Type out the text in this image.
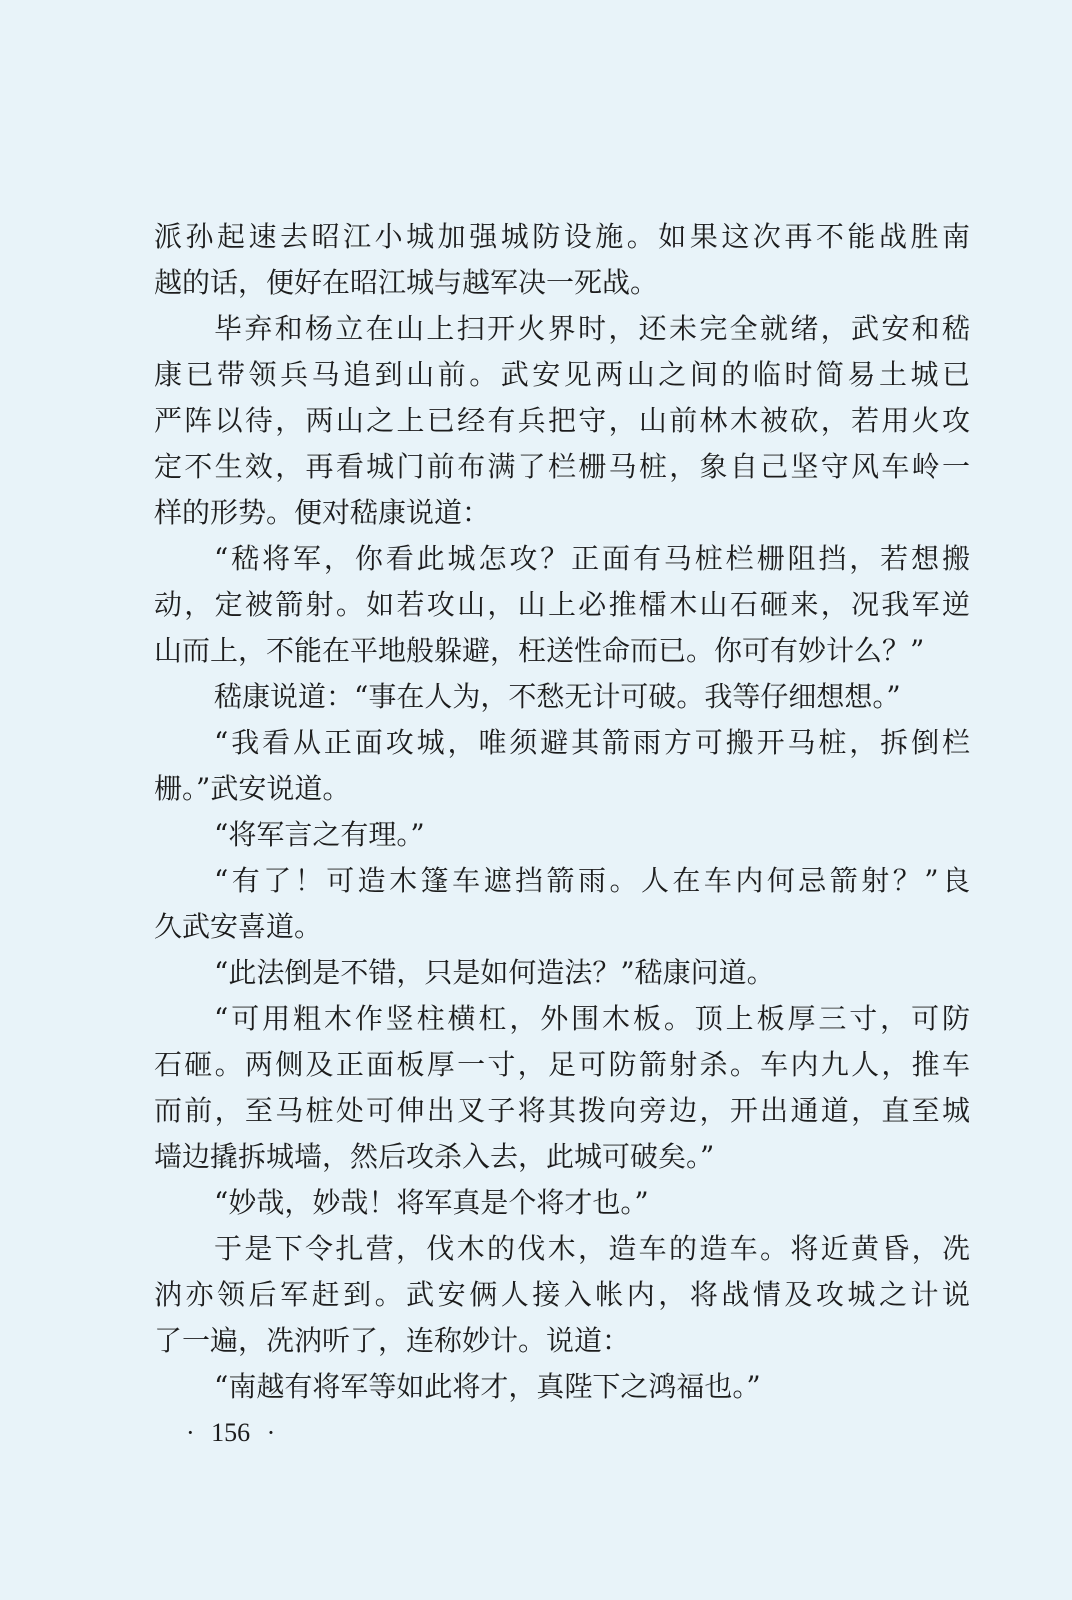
派孙起速去昭江小城加强城防设施。如果这次再不能战胜南
越的话，便好在昭江城与越军决一死战。
毕弃和杨立在山上扫开火界时，还未完全就绪，武安和嵇
康已带领兵马追到山前。武安见两山之间的临时简易土城已
严阵以待，两山之上已经有兵把守，山前林木被砍，若用火攻
定不生效，再看城门前布满了栏栅马桩，象自己坚守风车岭一
样的形势。便对嵇康说道：
“嵇将军，你看此城怎攻？正面有马桩栏栅阻挡，若想搬
动，定被箭射。如若攻山，山上必推檑木山石砸来，况我军逆
山而上，不能在平地般躲避，枉送性命而已。你可有妙计么？”
嵇康说道：“事在人为，不愁无计可破。我等仔细想想。”
“我看从正面攻城，唯须避其箭雨方可搬开马桩，拆倒栏
栅。”武安说道。
“将军言之有理。”
“有了！可造木篷车遮挡箭雨。人在车内何忌箭射？”良
久武安喜道。
“此法倒是不错，只是如何造法？”嵇康问道。
“可用粗木作竖柱横杠，外围木板。顶上板厚三寸，可防
石砸。两侧及正面板厚一寸，足可防箭射杀。车内九人，推车
而前，至马桩处可伸出叉子将其拨向旁边，开出通道，直至城
墙边撬拆城墙，然后攻杀入去，此城可破矣。”
“妙哉，妙哉！将军真是个将才也。”
于是下令扎营，伐木的伐木，造车的造车。将近黄昏，冼
汭亦领后军赶到。武安俩人接入帐内，将战情及攻城之计说
了一遍，冼汭听了，连称妙计。说道：
“南越有将军等如此将才，真陛下之鸿福也。”
· 156 ·
